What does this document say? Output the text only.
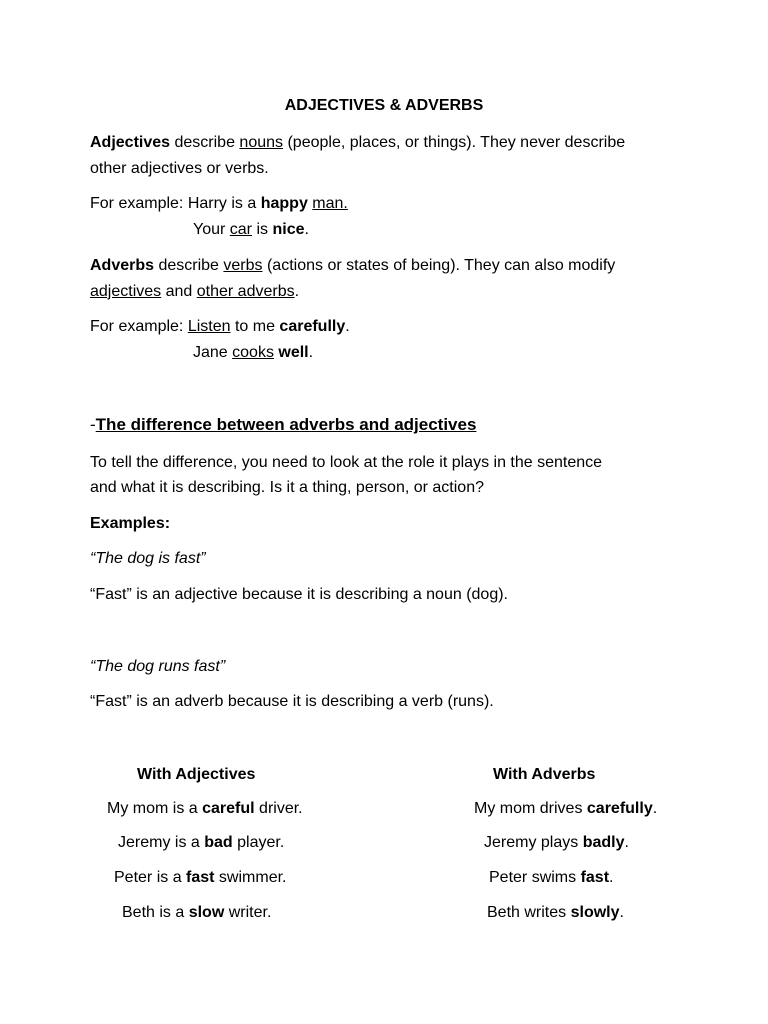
ADJECTIVES & ADVERBS
Adjectives describe nouns (people, places, or things). They never describe
other adjectives or verbs.
For example: Harry is a happy man.
Your car is nice.
Adverbs describe verbs (actions or states of being). They can also modify
adjectives and other adverbs.
For example: Listen to me carefully.
Jane cooks well.
-The difference between adverbs and adjectives
To tell the difference, you need to look at the role it plays in the sentence
and what it is describing. Is it a thing, person, or action?
Examples:
“The dog is fast”
“Fast” is an adjective because it is describing a noun (dog).
“The dog runs fast”
“Fast” is an adverb because it is describing a verb (runs).
With Adjectives	With Adverbs
My mom is a careful driver.	My mom drives carefully.
Jeremy is a bad player.	Jeremy plays badly.
Peter is a fast swimmer.	Peter swims fast.
Beth is a slow writer.	Beth writes slowly.
